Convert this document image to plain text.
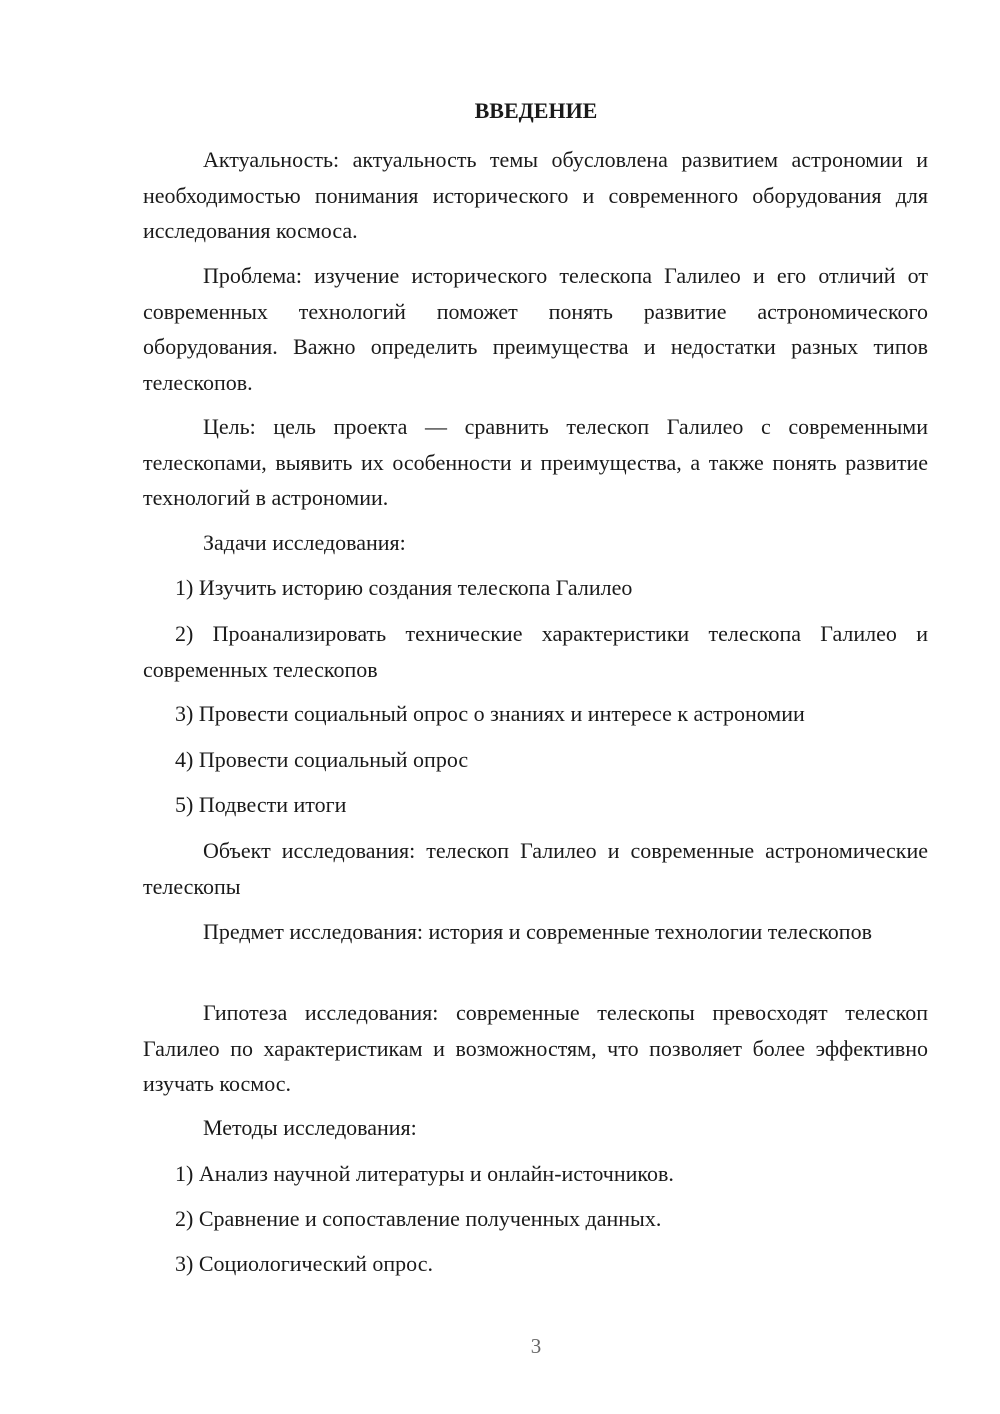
ВВЕДЕНИЕ

Актуальность: актуальность темы обусловлена развитием астрономии и необходимостью понимания исторического и современного оборудования для исследования космоса.

Проблема: изучение исторического телескопа Галилео и его отличий от современных технологий поможет понять развитие астрономического оборудования. Важно определить преимущества и недостатки разных типов телескопов.

Цель: цель проекта — сравнить телескоп Галилео с современными телескопами, выявить их особенности и преимущества, а также понять развитие технологий в астрономии.

Задачи исследования:

1) Изучить историю создания телескопа Галилео

2) Проанализировать технические характеристики телескопа Галилео и современных телескопов

3) Провести социальный опрос о знаниях и интересе к астрономии

4) Провести социальный опрос

5) Подвести итоги

Объект исследования: телескоп Галилео и современные астрономические телескопы

Предмет исследования: история и современные технологии телескопов

Гипотеза исследования: современные телескопы превосходят телескоп Галилео по характеристикам и возможностям, что позволяет более эффективно изучать космос.

Методы исследования:

1) Анализ научной литературы и онлайн-источников.

2) Сравнение и сопоставление полученных данных.

3) Социологический опрос.

3
